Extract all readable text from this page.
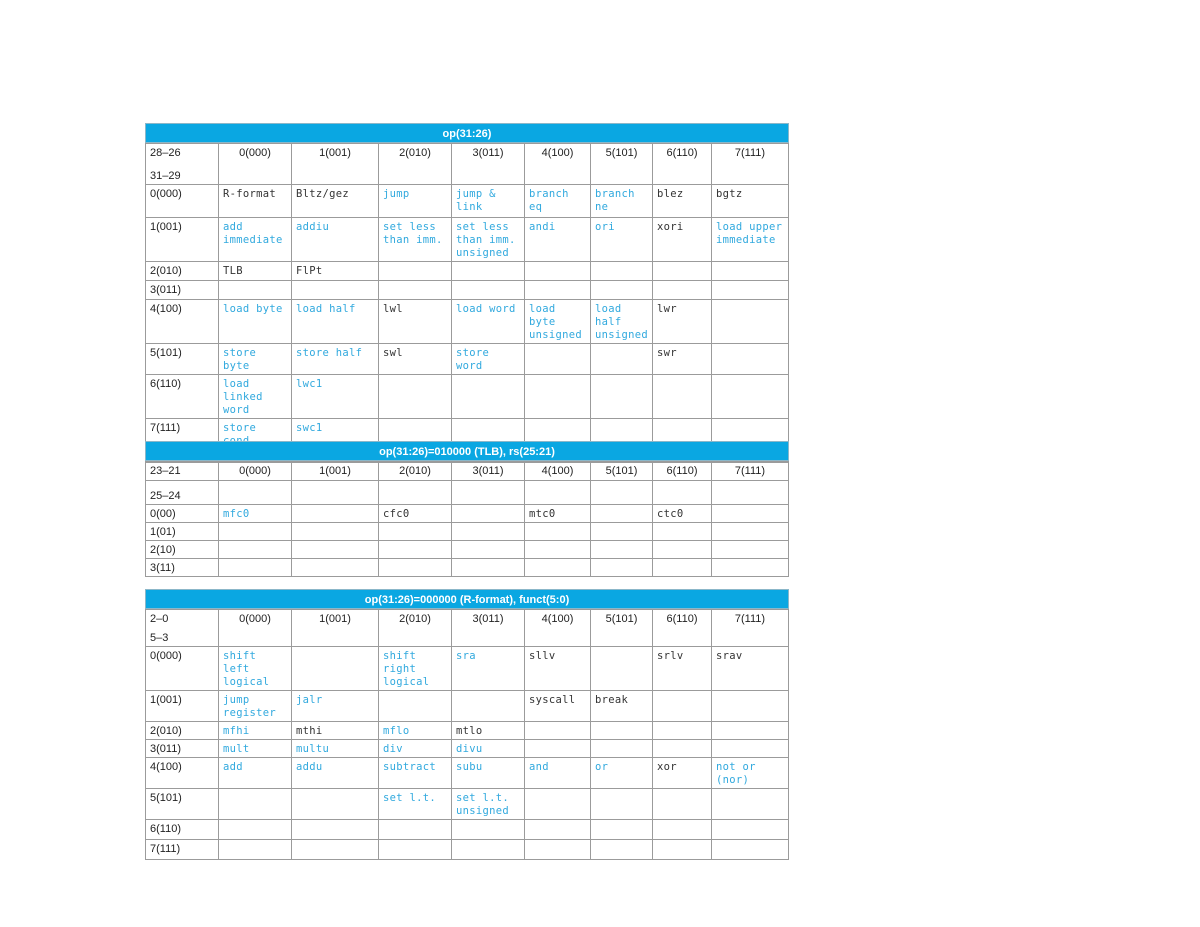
op(31:26)
28–26
31–29	0(000)	1(001)	2(010)	3(011)	4(100)	5(101)	6(110)	7(111)
0(000)	R-format	Bltz/gez	jump	jump & link	branch eq	branch ne	blez	bgtz
1(001)	add immediate	addiu	set less than imm.	set less than imm. unsigned	andi	ori	xori	load upper immediate
2(010)	TLB	FlPt						
3(011)								
4(100)	load byte	load half	lwl	load word	load byte unsigned	load half unsigned	lwr	
5(101)	store byte	store half	swl	store word			swr	
6(110)	load linked word	lwc1						
7(111)	store	swc1						

op(31:26)=010000 (TLB), rs(25:21)
23–21
25–24	0(000)	1(001)	2(010)	3(011)	4(100)	5(101)	6(110)	7(111)
0(00)	mfc0		cfc0		mtc0		ctc0	
1(01)								
2(10)								
3(11)								
op(31:26)=000000 (R-format), funct(5:0)
2–0
5–3	0(000)	1(001)	2(010)	3(011)	4(100)	5(101)	6(110)	7(111)
0(000)	shift left logical		shift right logical	sra	sllv		srlv	srav
1(001)	jump register	jalr			syscall	break		
2(010)	mfhi	mthi	mflo	mtlo				
3(011)	mult	multu	div	divu				
4(100)	add	addu	subtract	subu	and	or	xor	not or (nor)
5(101)			set l.t.	set l.t. unsigned				
6(110)								
7(111)								
